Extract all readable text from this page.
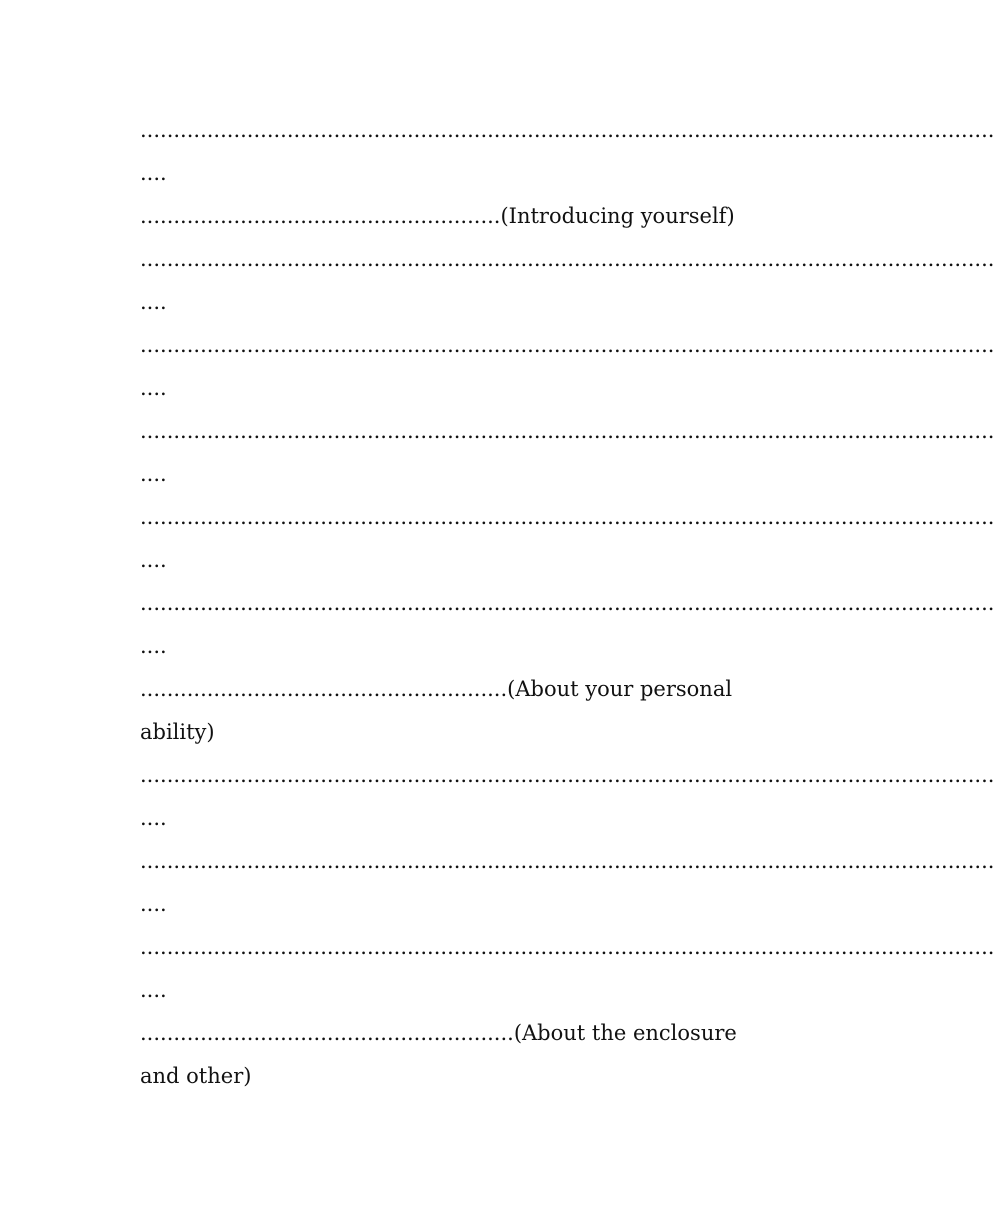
................................................................................................................................
....
......................................................(Introducing yourself)
................................................................................................................................
....
................................................................................................................................
....
................................................................................................................................
....
................................................................................................................................
....
................................................................................................................................
....
.......................................................(About your personal
ability)
................................................................................................................................
....
................................................................................................................................
....
................................................................................................................................
....
........................................................(About the enclosure
and other)
